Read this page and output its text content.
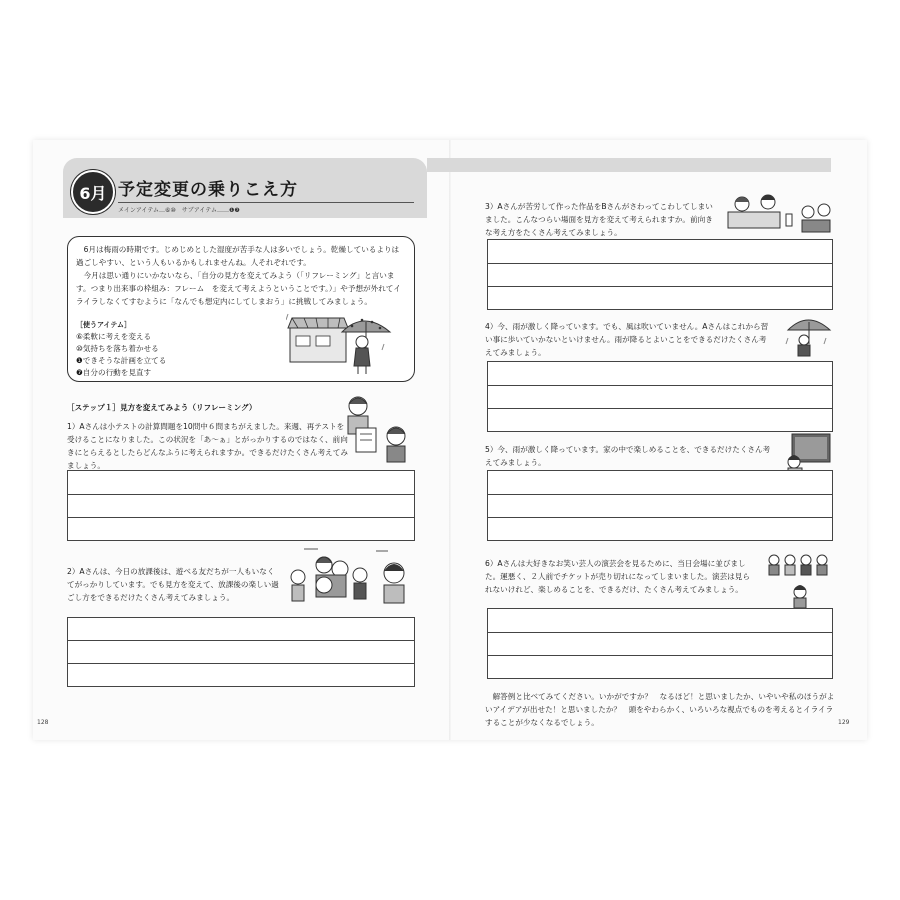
6月 予定変更の乗りこえ方
メインアイテム…⑥⑩　サブアイテム……❶❼

6月は梅雨の時期です。じめじめとした湿度が苦手な人は多いでしょう。乾燥しているよりは過ごしやすい、という人もいるかもしれませんね。人それぞれです。

今月は思い通りにいかないなら、「自分の見方を変えてみよう（「リフレーミング」と言います。つまり出来事の枠組み：フレーム　を変えて考えようということです。）」や予想が外れてイライラしなくてすむように「なんでも想定内にしてしまおう」に挑戦してみましょう。

［使うアイテム］
⑥柔軟に考えを変える
⑩気持ちを落ち着かせる
❶できそうな計画を立てる
❼自分の行動を見直す
［ステップ１］見方を変えてみよう（リフレーミング）
1）Aさんは小テストの計算問題を10問中６問まちがえました。来週、再テストを受けることになりました。この状況を「あ～ぁ」とがっかりするのではなく、前向きにとらえるとしたらどんなふうに考えられますか。できるだけたくさん考えてみましょう。
2）Aさんは、今日の放課後は、遊べる友だちが一人もいなくてがっかりしています。でも見方を変えて、放課後の楽しい過ごし方をできるだけたくさん考えてみましょう。
128
3）Aさんが苦労して作った作品をBさんがさわってこわしてしまいました。こんなつらい場面を見方を変えて考えられますか。前向きな考え方をたくさん考えてみましょう。
4）今、雨が激しく降っています。でも、風は吹いていません。Aさんはこれから習い事に歩いていかないといけません。雨が降るとよいことをできるだけたくさん考えてみましょう。
5）今、雨が激しく降っています。家の中で楽しめることを、できるだけたくさん考えてみましょう。
6）Aさんは大好きなお笑い芸人の演芸会を見るために、当日会場に並びました。運悪く、２人前でチケットが売り切れになってしまいました。演芸は見られないけれど、楽しめることを、できるだけ、たくさん考えてみましょう。

解答例と比べてみてください。いかがですか？　なるほど！と思いましたか、いやいや私のほうがよいアイデアが出せた！と思いましたか？　頭をやわらかく、いろいろな視点でものを考えるとイライラすることが少なくなるでしょう。	129
